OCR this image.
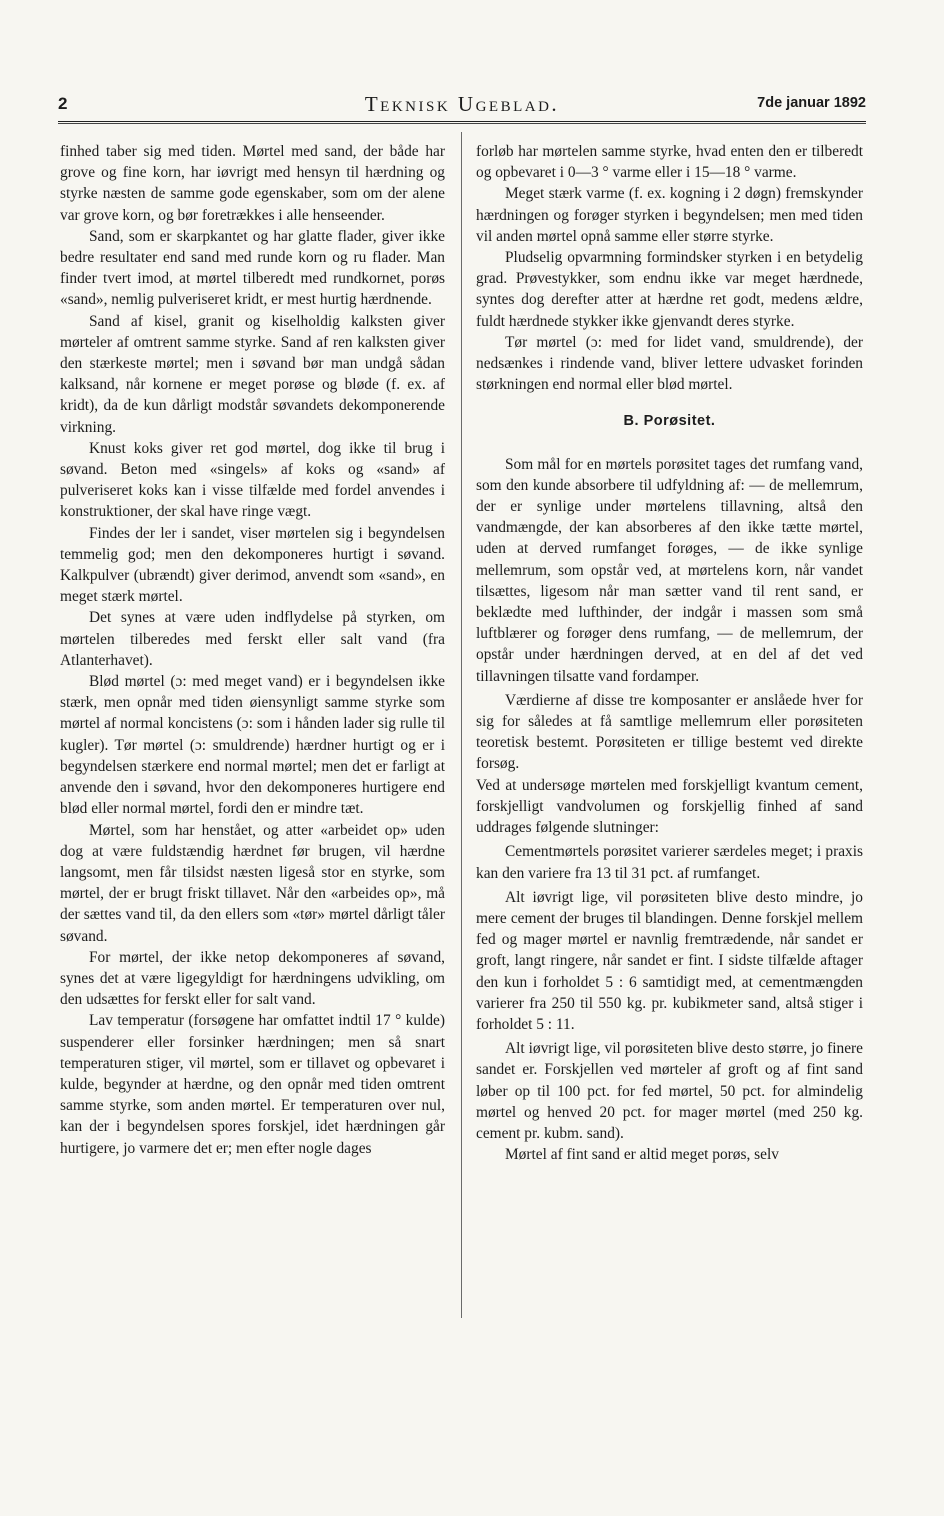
2	Teknisk Ugeblad.	7de januar 1892

finhed taber sig med tiden. Mørtel med sand, der både har grove og fine korn, har iøvrigt med hensyn til hærdning og styrke næsten de samme gode egenskaber, som om der alene var grove korn, og bør foretrækkes i alle henseender.

Sand, som er skarpkantet og har glatte flader, giver ikke bedre resultater end sand med runde korn og ru flader. Man finder tvert imod, at mørtel tilberedt med rundkornet, porøs «sand», nemlig pulveriseret kridt, er mest hurtig hærdnende.

Sand af kisel, granit og kiselholdig kalksten giver mørteler af omtrent samme styrke. Sand af ren kalksten giver den stærkeste mørtel; men i søvand bør man undgå sådan kalksand, når kornene er meget porøse og bløde (f. ex. af kridt), da de kun dårligt modstår søvandets dekomponerende virkning.

Knust koks giver ret god mørtel, dog ikke til brug i søvand. Beton med «singels» af koks og «sand» af pulveriseret koks kan i visse tilfælde med fordel anvendes i konstruktioner, der skal have ringe vægt.

Findes der ler i sandet, viser mørtelen sig i begyndelsen temmelig god; men den dekomponeres hurtigt i søvand. Kalkpulver (ubrændt) giver derimod, anvendt som «sand», en meget stærk mørtel.

Det synes at være uden indflydelse på styrken, om mørtelen tilberedes med ferskt eller salt vand (fra Atlanterhavet).

Blød mørtel (ɔ: med meget vand) er i begyndelsen ikke stærk, men opnår med tiden øiensynligt samme styrke som mørtel af normal koncistens (ɔ: som i hånden lader sig rulle til kugler). Tør mørtel (ɔ: smuldrende) hærdner hurtigt og er i begyndelsen stærkere end normal mørtel; men det er farligt at anvende den i søvand, hvor den dekomponeres hurtigere end blød eller normal mørtel, fordi den er mindre tæt.

Mørtel, som har henstået, og atter «arbeidet op» uden dog at være fuldstændig hærdnet før brugen, vil hærdne langsomt, men får tilsidst næsten ligeså stor en styrke, som mørtel, der er brugt friskt tillavet. Når den «arbeides op», må der sættes vand til, da den ellers som «tør» mørtel dårligt tåler søvand.

For mørtel, der ikke netop dekomponeres af søvand, synes det at være ligegyldigt for hærdningens udvikling, om den udsættes for ferskt eller for salt vand.

Lav temperatur (forsøgene har omfattet indtil 17 ° kulde) suspenderer eller forsinker hærdningen; men så snart temperaturen stiger, vil mørtel, som er tillavet og opbevaret i kulde, begynder at hærdne, og den opnår med tiden omtrent samme styrke, som anden mørtel. Er temperaturen over nul, kan der i begyndelsen spores forskjel, idet hærdningen går hurtigere, jo varmere det er; men efter nogle dages

forløb har mørtelen samme styrke, hvad enten den er tilberedt og opbevaret i 0—3 ° varme eller i 15—18 ° varme.

Meget stærk varme (f. ex. kogning i 2 døgn) fremskynder hærdningen og forøger styrken i begyndelsen; men med tiden vil anden mørtel opnå samme eller større styrke.

Pludselig opvarmning formindsker styrken i en betydelig grad. Prøvestykker, som endnu ikke var meget hærdnede, syntes dog derefter atter at hærdne ret godt, medens ældre, fuldt hærdnede stykker ikke gjenvandt deres styrke.

Tør mørtel (ɔ: med for lidet vand, smuldrende), der nedsænkes i rindende vand, bliver lettere udvasket forinden størkningen end normal eller blød mørtel.

B. Porøsitet.

Som mål for en mørtels porøsitet tages det rumfang vand, som den kunde absorbere til udfyldning af: — de mellemrum, der er synlige under mørtelens tillavning, altså den vandmængde, der kan absorberes af den ikke tætte mørtel, uden at derved rumfanget forøges, — de ikke synlige mellemrum, som opstår ved, at mørtelens korn, når vandet tilsættes, ligesom når man sætter vand til rent sand, er beklædte med lufthinder, der indgår i massen som små luftblærer og forøger dens rumfang, — de mellemrum, der opstår under hærdningen derved, at en del af det ved tillavningen tilsatte vand fordamper.

Værdierne af disse tre komposanter er anslåede hver for sig for således at få samtlige mellemrum eller porøsiteten teoretisk bestemt. Porøsiteten er tillige bestemt ved direkte forsøg.

Ved at undersøge mørtelen med forskjelligt kvantum cement, forskjelligt vandvolumen og forskjellig finhed af sand uddrages følgende slutninger:

Cementmørtels porøsitet varierer særdeles meget; i praxis kan den variere fra 13 til 31 pct. af rumfanget.

Alt iøvrigt lige, vil porøsiteten blive desto mindre, jo mere cement der bruges til blandingen. Denne forskjel mellem fed og mager mørtel er navnlig fremtrædende, når sandet er groft, langt ringere, når sandet er fint. I sidste tilfælde aftager den kun i forholdet 5 : 6 samtidigt med, at cementmængden varierer fra 250 til 550 kg. pr. kubikmeter sand, altså stiger i forholdet 5 : 11.

Alt iøvrigt lige, vil porøsiteten blive desto større, jo finere sandet er. Forskjellen ved mørteler af groft og af fint sand løber op til 100 pct. for fed mørtel, 50 pct. for almindelig mørtel og henved 20 pct. for mager mørtel (med 250 kg. cement pr. kubm. sand).

Mørtel af fint sand er altid meget porøs, selv
